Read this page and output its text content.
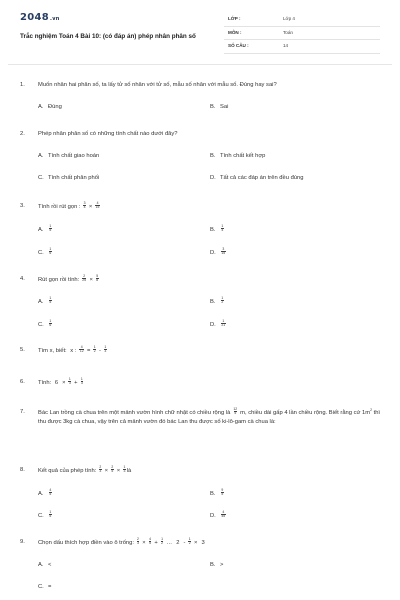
2048.vn
Trắc nghiệm Toán 4 Bài 10: (có đáp án) phép nhân phân số
LỚP :	Lớp 4
MÔN :	Toán
SỐ CÂU :	14
1.	Muốn nhân hai phân số, ta lấy tử số nhân với tử số, mẫu số nhân với mẫu số. Đúng hay sai?
A. Đúng	B. Sai
2.	Phép nhân phân số có những tính chất nào dưới đây?
A. Tính chất giao hoán	B. Tính chất kết hợp
C. Tính chất phân phối	D. Tất cả các đáp án trên đều đúng
3.	Tính rồi rút gọn : $\frac{3}{4} \times \frac{4}{15}$
A. $\frac{1}{5}$	B. $\frac{1}{4}$
C. $\frac{1}{6}$	D. $\frac{3}{15}$
4.	Rút gọn rồi tính: $\frac{2}{25} \times \frac{5}{8}$
A. $\frac{1}{5}$	B. $\frac{1}{2}$
C. $\frac{1}{6}$	D. $\frac{1}{21}$
5.	Tìm x, biết: x : $\frac{4}{12} = \frac{1}{2} - \frac{1}{3}$
6.	Tính: $6 \times \frac{1}{3} + \frac{1}{3}$
7.	Bác Lan trồng cà chua trên một mảnh vườn hình chữ nhật có chiều rộng là $\frac{12}{5} m$, chiều dài gấp 4 lần chiều rộng. Biết rằng cứ $1m^2$ thì thu được 3kg cà chua, vậy trên cả mảnh vườn đó bác Lan thu được số ki-lô-gam cà chua là:
8.	Kết quả của phép tính: $\frac{2}{3} \times \frac{2}{5} \times \frac{1}{3}$ là
A. $\frac{4}{5}$	B. $\frac{9}{5}$
C. $\frac{1}{5}$	D. $\frac{4}{45}$
9.	Chọn dấu thích hợp điền vào ô trống: $\frac{2}{3} \times \frac{4}{5} + \frac{1}{2}$ … $2 - \frac{1}{2} \times 3$
A. <	B. >
C. =
